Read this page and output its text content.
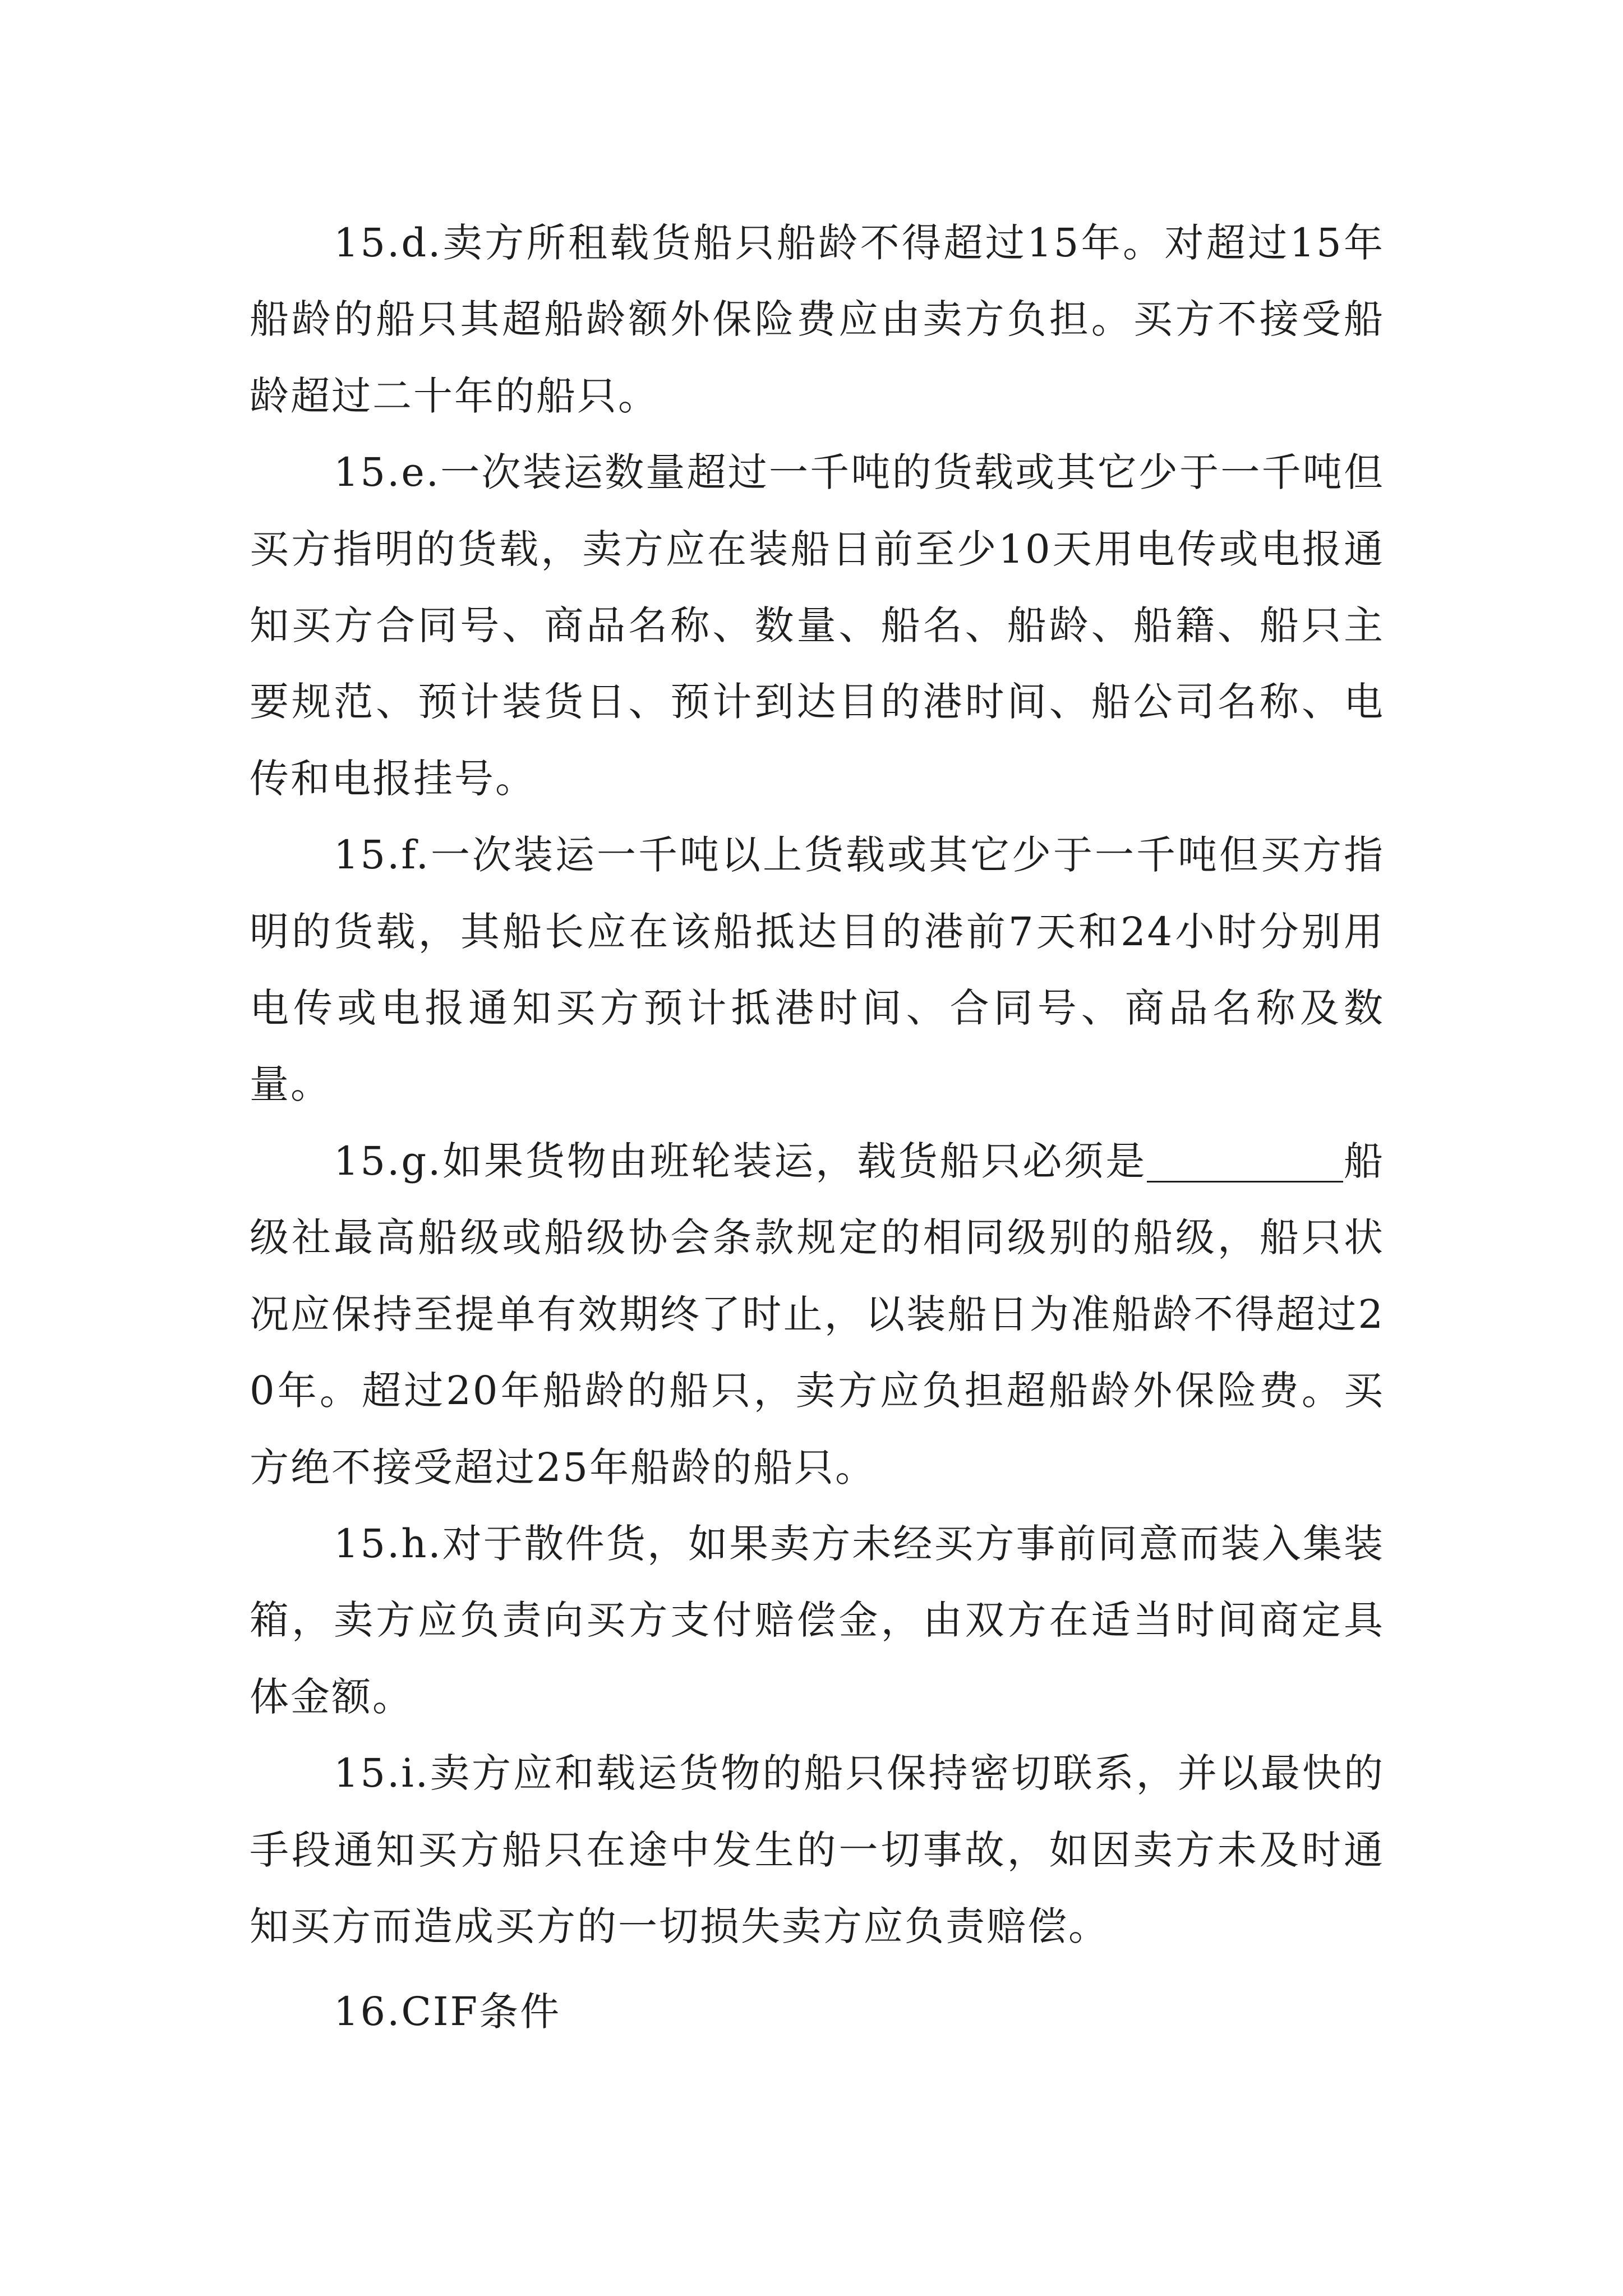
15.d.卖方所租载货船只船龄不得超过15年。对超过15年船龄的船只其超船龄额外保险费应由卖方负担。买方不接受船龄超过二十年的船只。

15.e.一次装运数量超过一千吨的货载或其它少于一千吨但买方指明的货载，卖方应在装船日前至少10天用电传或电报通知买方合同号、商品名称、数量、船名、船龄、船籍、船只主要规范、预计装货日、预计到达目的港时间、船公司名称、电传和电报挂号。

15.f.一次装运一千吨以上货载或其它少于一千吨但买方指明的货载，其船长应在该船抵达目的港前7天和24小时分别用电传或电报通知买方预计抵港时间、合同号、商品名称及数量。

15.g.如果货物由班轮装运，载货船只必须是	船级社最高船级或船级协会条款规定的相同级别的船级，船只状况应保持至提单有效期终了时止，以装船日为准船龄不得超过20年。超过20年船龄的船只，卖方应负担超船龄外保险费。买方绝不接受超过25年船龄的船只。

15.h.对于散件货，如果卖方未经买方事前同意而装入集装箱，卖方应负责向买方支付赔偿金，由双方在适当时间商定具体金额。

15.i.卖方应和载运货物的船只保持密切联系，并以最快的手段通知买方船只在途中发生的一切事故，如因卖方未及时通知买方而造成买方的一切损失卖方应负责赔偿。

16.CIF条件
